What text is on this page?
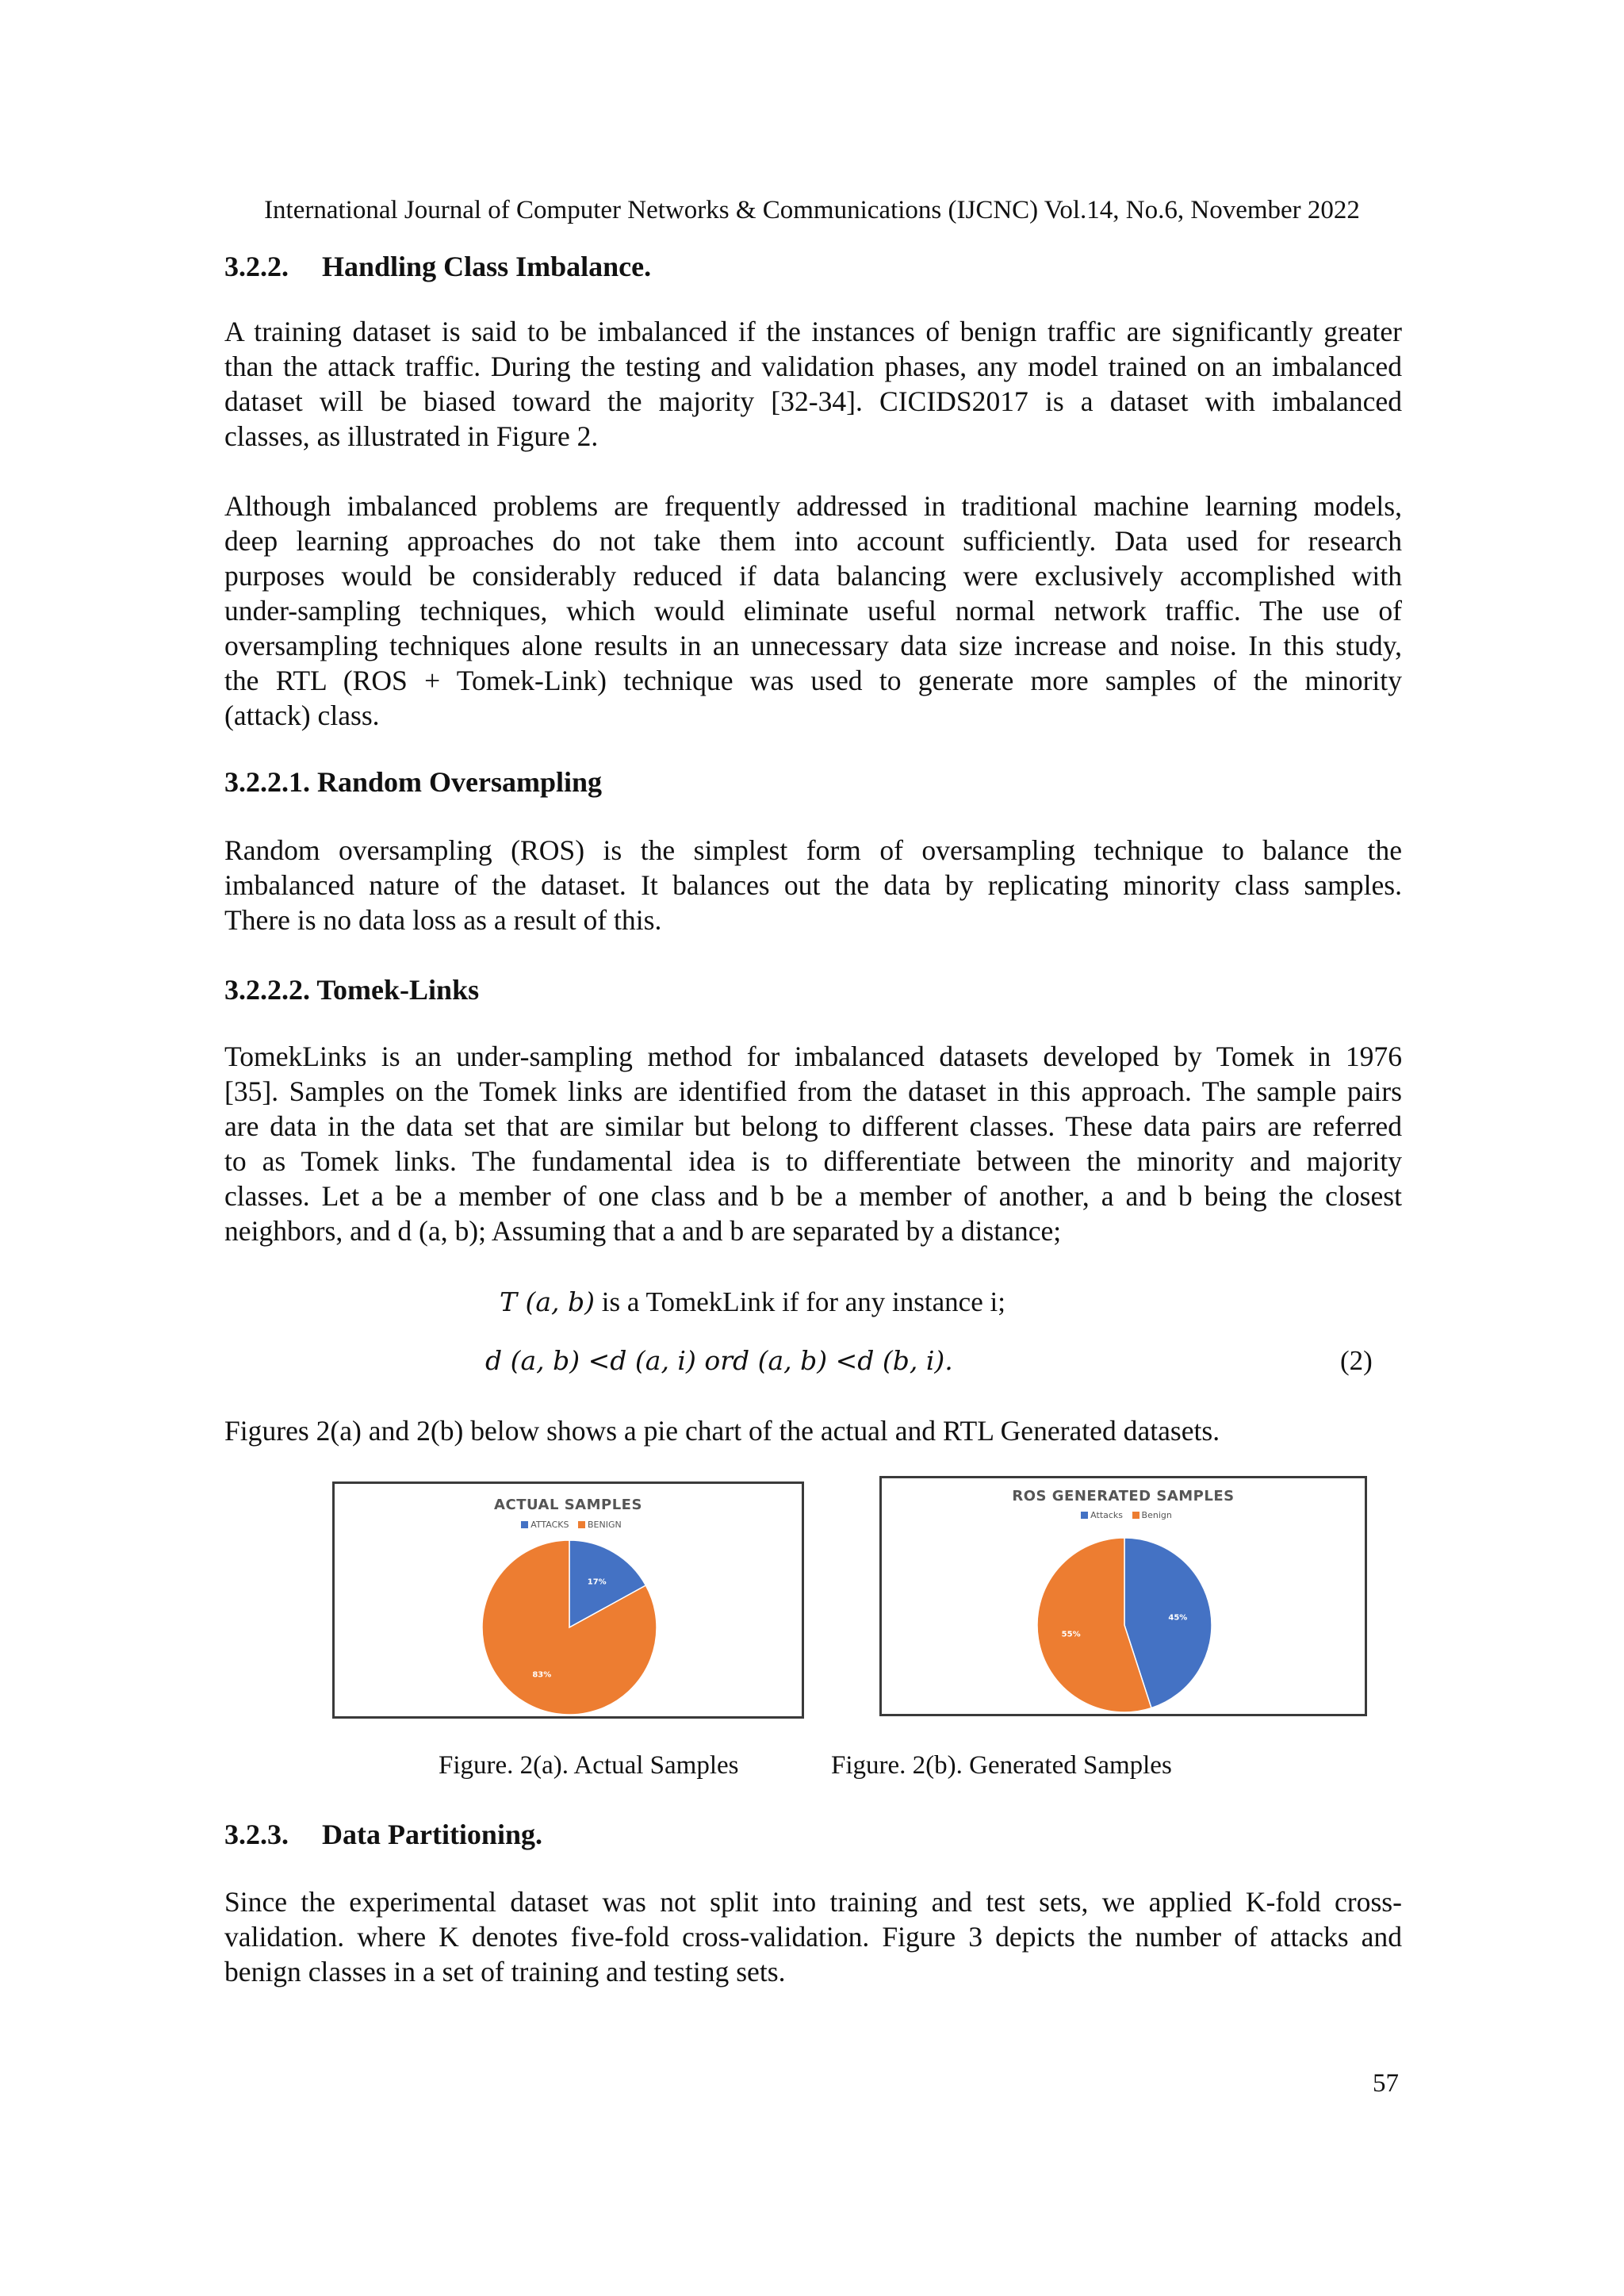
International Journal of Computer Networks & Communications (IJCNC) Vol.14, No.6, November 2022
3.2.2. Handling Class Imbalance.
A training dataset is said to be imbalanced if the instances of benign traffic are significantly greater
than the attack traffic. During the testing and validation phases, any model trained on an imbalanced
dataset will be biased toward the majority [32-34]. CICIDS2017 is a dataset with imbalanced
classes, as illustrated in Figure 2.
Although imbalanced problems are frequently addressed in traditional machine learning models,
deep learning approaches do not take them into account sufficiently. Data used for research
purposes would be considerably reduced if data balancing were exclusively accomplished with
under-sampling techniques, which would eliminate useful normal network traffic. The use of
oversampling techniques alone results in an unnecessary data size increase and noise. In this study,
the RTL (ROS + Tomek-Link) technique was used to generate more samples of the minority
(attack) class.
3.2.2.1. Random Oversampling
Random oversampling (ROS) is the simplest form of oversampling technique to balance the
imbalanced nature of the dataset. It balances out the data by replicating minority class samples.
There is no data loss as a result of this.
3.2.2.2. Tomek-Links
TomekLinks is an under-sampling method for imbalanced datasets developed by Tomek in 1976
[35]. Samples on the Tomek links are identified from the dataset in this approach. The sample pairs
are data in the data set that are similar but belong to different classes. These data pairs are referred
to as Tomek links. The fundamental idea is to differentiate between the minority and majority
classes. Let a be a member of one class and b be a member of another, a and b being the closest
neighbors, and d (a, b); Assuming that a and b are separated by a distance;
T (a, b) is a TomekLink if for any instance i;
d (a, b) <d (a, i) ord (a, b) <d (b, i).	(2)
Figures 2(a) and 2(b) below shows a pie chart of the actual and RTL Generated datasets.
ACTUAL SAMPLES
ATTACKS BENIGN
17%
83%
ROS GENERATED SAMPLES
Attacks Benign
45%
55%
Figure. 2(a). Actual Samples	Figure. 2(b). Generated Samples
3.2.3. Data Partitioning.
Since the experimental dataset was not split into training and test sets, we applied K-fold cross-
validation. where K denotes five-fold cross-validation. Figure 3 depicts the number of attacks and
benign classes in a set of training and testing sets.
57
